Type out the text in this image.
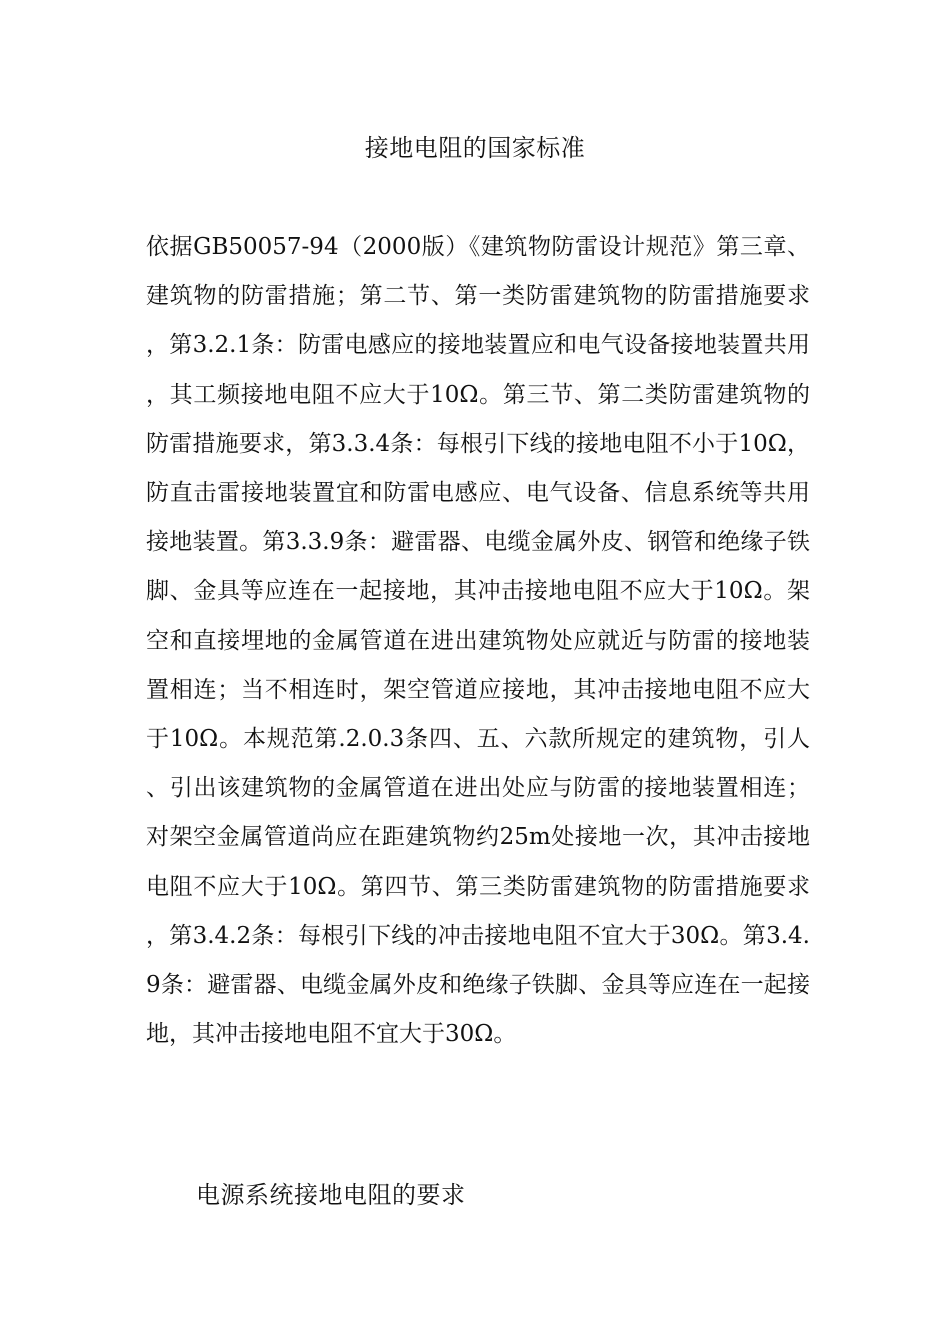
接地电阻的国家标准

依据GB50057-94（2000版）《建筑物防雷设计规范》第三章、建筑物的防雷措施；第二节、第一类防雷建筑物的防雷措施要求，第3.2.1条：防雷电感应的接地装置应和电气设备接地装置共用，其工频接地电阻不应大于10Ω。第三节、第二类防雷建筑物的防雷措施要求，第3.3.4条：每根引下线的接地电阻不小于10Ω，防直击雷接地装置宜和防雷电感应、电气设备、信息系统等共用接地装置。第3.3.9条：避雷器、电缆金属外皮、钢管和绝缘子铁脚、金具等应连在一起接地，其冲击接地电阻不应大于10Ω。架空和直接埋地的金属管道在进出建筑物处应就近与防雷的接地装置相连；当不相连时，架空管道应接地，其冲击接地电阻不应大于10Ω。本规范第.2.0.3条四、五、六款所规定的建筑物，引人、引出该建筑物的金属管道在进出处应与防雷的接地装置相连；对架空金属管道尚应在距建筑物约25m处接地一次，其冲击接地电阻不应大于10Ω。第四节、第三类防雷建筑物的防雷措施要求，第3.4.2条：每根引下线的冲击接地电阻不宜大于30Ω。第3.4.9条：避雷器、电缆金属外皮和绝缘子铁脚、金具等应连在一起接地，其冲击接地电阻不宜大于30Ω。

电源系统接地电阻的要求
